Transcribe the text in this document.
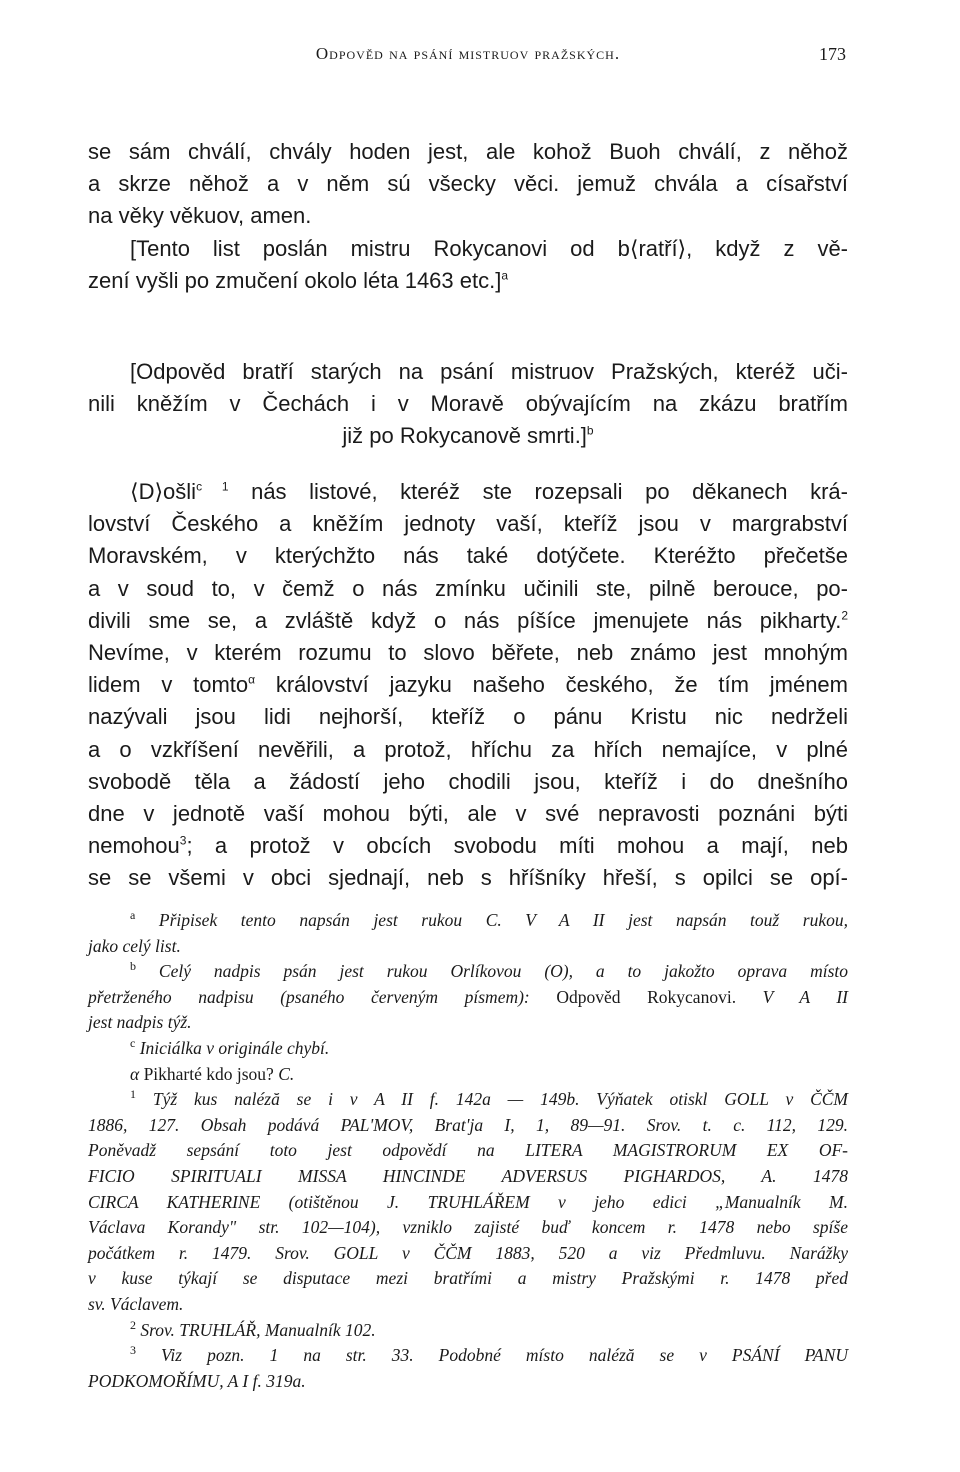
Odpověd na psání mistruov pražských.	173
se sám chválí, chvály hoden jest, ale kohož Buoh chválí, z něhož
a skrze něhož a v něm sú všecky věci. jemuž chvála a císařství
na věky věkuov, amen.
[Tento list poslán mistru Rokycanovi od b⟨ratří⟩, když z vě-
zení vyšli po zmučení okolo léta 1463 etc.]$^a$
[Odpověd bratří starých na psání mistruov Pražských, kteréž uči-
nili kněžím v Čechách i v Moravě obývajícím na zkázu bratřím
již po Rokycanově smrti.]$^b$
⟨D⟩ošli$^{c 1}$ nás listové, kteréž ste rozepsali po děkanech krá-
lovství Českého a kněžím jednoty vaší, kteříž jsou v margrabství
Moravském, v kterýchžto nás také dotýčete. Kteréžto přečetše
a v soud to, v čemž o nás zmínku učinili ste, pilně berouce, po-
divili sme se, a zvláště když o nás píšíce jmenujete nás pikharty.$^2$
Nevíme, v kterém rozumu to slovo běřete, neb známo jest mnohým
lidem v tomto$^\alpha$ království jazyku našeho českého, že tím jménem
nazývali jsou lidi nejhorší, kteříž o pánu Kristu nic nedrželi
a o vzkříšení nevěřili, a protož, hříchu za hřích nemajíce, v plné
svobodě těla a žádostí jeho chodili jsou, kteříž i do dnešního
dne v jednotě vaší mohou býti, ale v své nepravosti poznáni býti
nemohou$^3$; a protož v obcích svobodu míti mohou a mají, neb
se se všemi v obci sjednají, neb s hříšníky hřeší, s opilci se opí-
$^a$ Připisek tento napsán jest rukou C. V A II jest napsán touž rukou,
jako celý list.
$^b$ Celý nadpis psán jest rukou Orlíkovou (O), a to jakožto oprava místo
přetrženého nadpisu (psaného červeným písmem): Odpověd Rokycanovi. V A II
jest nadpis týž.
$^c$ Iniciálka v originále chybí.
α Pikharté kdo jsou? C.
$^1$ Týž kus naléză se i v A II f. 142a — 149b. Výňatek otiskl GOLL v ČČM
1886, 127. Obsah podává PAL'MOV, Brat'ja I, 1, 89—91. Srov. t. c. 112, 129.
Poněvadž sepsání toto jest odpovědí na LITERA MAGISTRORUM EX OF-
FICIO SPIRITUALI MISSA HINCINDE ADVERSUS PIGHARDOS, A. 1478
CIRCA KATHERINE (otištěnou J. TRUHLÁŘEM v jeho edici „Manualník M.
Václava Korandy" str. 102—104), vzniklo zajisté buď koncem r. 1478 nebo spíše
počátkem r. 1479. Srov. GOLL v ČČM 1883, 520 a viz Předmluvu. Narážky
v kuse týkají se disputace mezi bratřími a mistry Pražskými r. 1478 před
sv. Václavem.
$^2$ Srov. TRUHLÁŘ, Manualník 102.
$^3$ Viz pozn. 1 na str. 33. Podobné místo naléză se v PSÁNÍ PANU
PODKOMOŘÍMU, A I f. 319a.
